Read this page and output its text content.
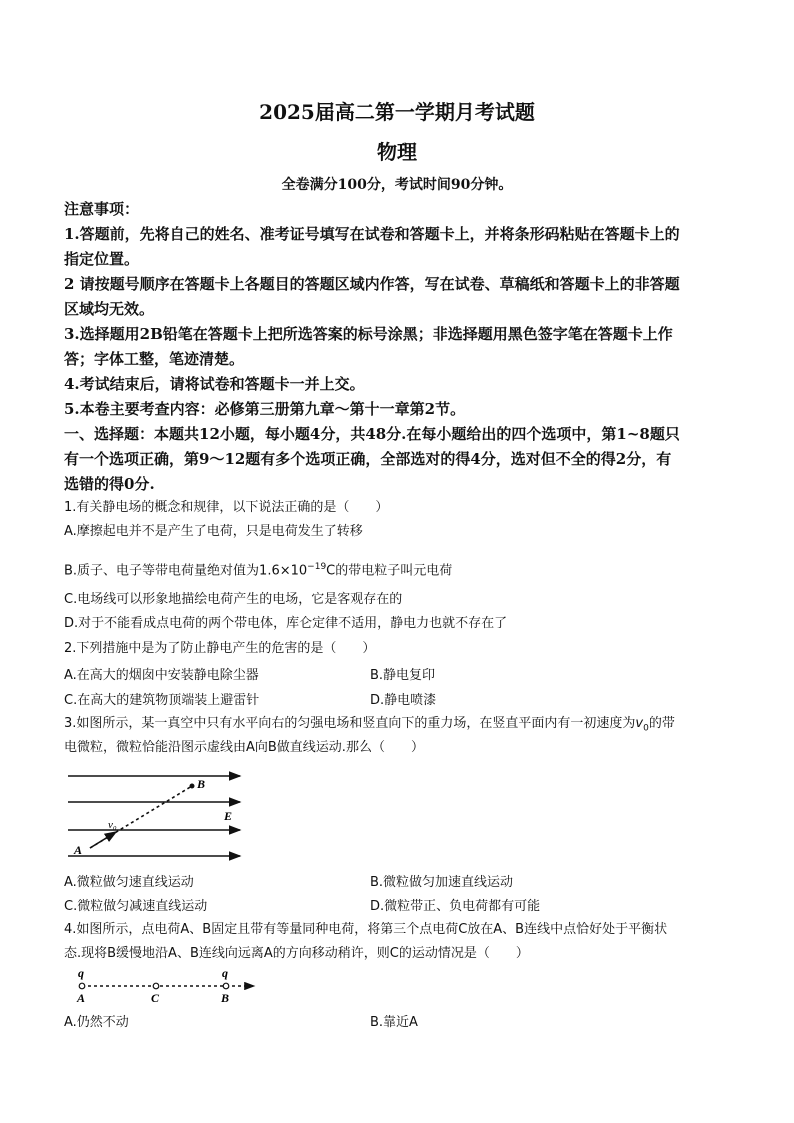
2025届高二第一学期月考试题
物理
全卷满分100分，考试时间90分钟。
注意事项：
1.答题前，先将自己的姓名、准考证号填写在试卷和答题卡上，并将条形码粘贴在答题卡上的
指定位置。
2 请按题号顺序在答题卡上各题目的答题区域内作答，写在试卷、草稿纸和答题卡上的非答题
区域均无效。
3.选择题用2B铅笔在答题卡上把所选答案的标号涂黑；非选择题用黑色签字笔在答题卡上作
答；字体工整，笔迹清楚。
4.考试结束后，请将试卷和答题卡一并上交。
5.本卷主要考查内容：必修第三册第九章～第十一章第2节。
一、选择题：本题共12小题，每小题4分，共48分.在每小题给出的四个选项中，第1~8题只
有一个选项正确，第9～12题有多个选项正确，全部选对的得4分，选对但不全的得2分，有
选错的得0分.
1.有关静电场的概念和规律，以下说法正确的是（　　）
A.摩擦起电并不是产生了电荷，只是电荷发生了转移
B.质子、电子等带电荷量绝对值为$1.6\times 10^{-19}C$的带电粒子叫元电荷
C.电场线可以形象地描绘电荷产生的电场，它是客观存在的
D.对于不能看成点电荷的两个带电体，库仑定律不适用，静电力也就不存在了
2.下列措施中是为了防止静电产生的危害的是（　　）
A.在高大的烟囱中安装静电除尘器	B.静电复印
C.在高大的建筑物顶端装上避雷针	D.静电喷漆
3.如图所示，某一真空中只有水平向右的匀强电场和竖直向下的重力场，在竖直平面内有一初速度为$v_0$的带
电微粒，微粒恰能沿图示虚线由A向B做直线运动.那么（　　）
B
A
E
v₀
A.微粒做匀速直线运动	B.微粒做匀加速直线运动
C.微粒做匀减速直线运动	D.微粒带正、负电荷都有可能
4.如图所示，点电荷A、B固定且带有等量同种电荷，将第三个点电荷C放在A、B连线中点恰好处于平衡状
态.现将B缓慢地沿A、B连线向远离A的方向移动稍许，则C的运动情况是（　　）
q	q
A	C	B
A.仍然不动	B.靠近A
